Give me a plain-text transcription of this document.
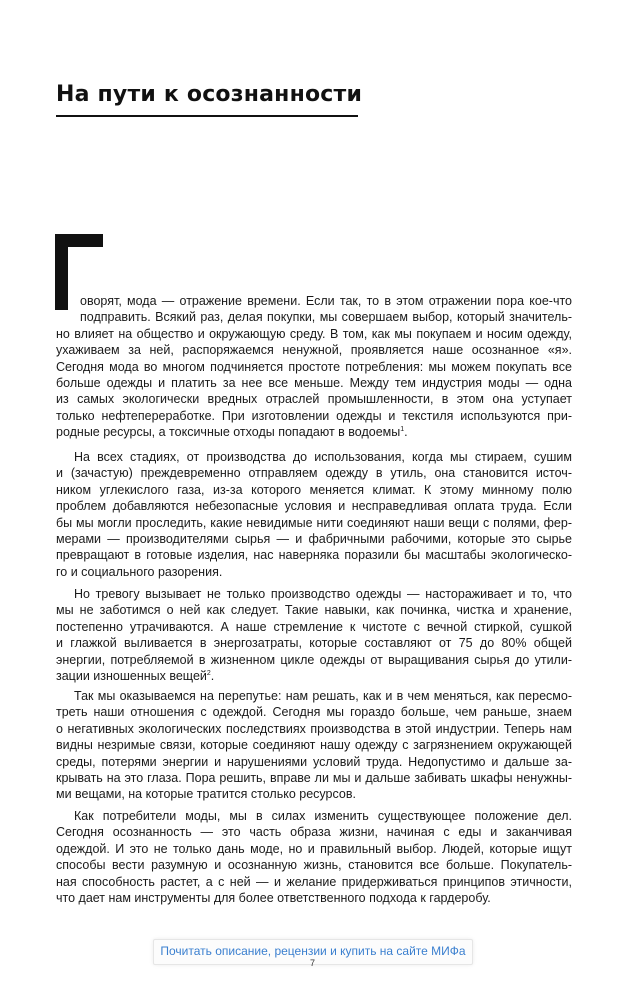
На пути к осознанности
оворят, мода — отражение времени. Если так, то в этом отражении пора кое-что
подправить. Всякий раз, делая покупки, мы совершаем выбор, который значитель-
но влияет на общество и окружающую среду. В том, как мы покупаем и носим одежду,
ухаживаем за ней, распоряжаемся ненужной, проявляется наше осознанное «я».
Сегодня мода во многом подчиняется простоте потребления: мы можем покупать все
больше одежды и платить за нее все меньше. Между тем индустрия моды — одна
из самых экологически вредных отраслей промышленности, в этом она уступает
только нефтепереработке. При изготовлении одежды и текстиля используются при-
родные ресурсы, а токсичные отходы попадают в водоемы$^1$.
На всех стадиях, от производства до использования, когда мы стираем, сушим
и (зачастую) преждевременно отправляем одежду в утиль, она становится источ-
ником углекислого газа, из-за которого меняется климат. К этому минному полю
проблем добавляются небезопасные условия и несправедливая оплата труда. Если
бы мы могли проследить, какие невидимые нити соединяют наши вещи с полями, фер-
мерами — производителями сырья — и фабричными рабочими, которые это сырье
превращают в готовые изделия, нас наверняка поразили бы масштабы экологическо-
го и социального разорения.
Но тревогу вызывает не только производство одежды — настораживает и то, что
мы не заботимся о ней как следует. Такие навыки, как починка, чистка и хранение,
постепенно утрачиваются. А наше стремление к чистоте с вечной стиркой, сушкой
и глажкой выливается в энергозатраты, которые составляют от 75 до 80% общей
энергии, потребляемой в жизненном цикле одежды от выращивания сырья до утили-
зации изношенных вещей$^2$.
Так мы оказываемся на перепутье: нам решать, как и в чем меняться, как пересмо-
треть наши отношения с одеждой. Сегодня мы гораздо больше, чем раньше, знаем
о негативных экологических последствиях производства в этой индустрии. Теперь нам
видны незримые связи, которые соединяют нашу одежду с загрязнением окружающей
среды, потерями энергии и нарушениями условий труда. Недопустимо и дальше за-
крывать на это глаза. Пора решить, вправе ли мы и дальше забивать шкафы ненужны-
ми вещами, на которые тратится столько ресурсов.
Как потребители моды, мы в силах изменить существующее положение дел.
Сегодня осознанность — это часть образа жизни, начиная с еды и заканчивая
одеждой. И это не только дань моде, но и правильный выбор. Людей, которые ищут
способы вести разумную и осознанную жизнь, становится все больше. Покупатель-
ная способность растет, а с ней — и желание придерживаться принципов этичности,
что дает нам инструменты для более ответственного подхода к гардеробу.
Почитать описание, рецензии и купить на сайте МИФа
7
